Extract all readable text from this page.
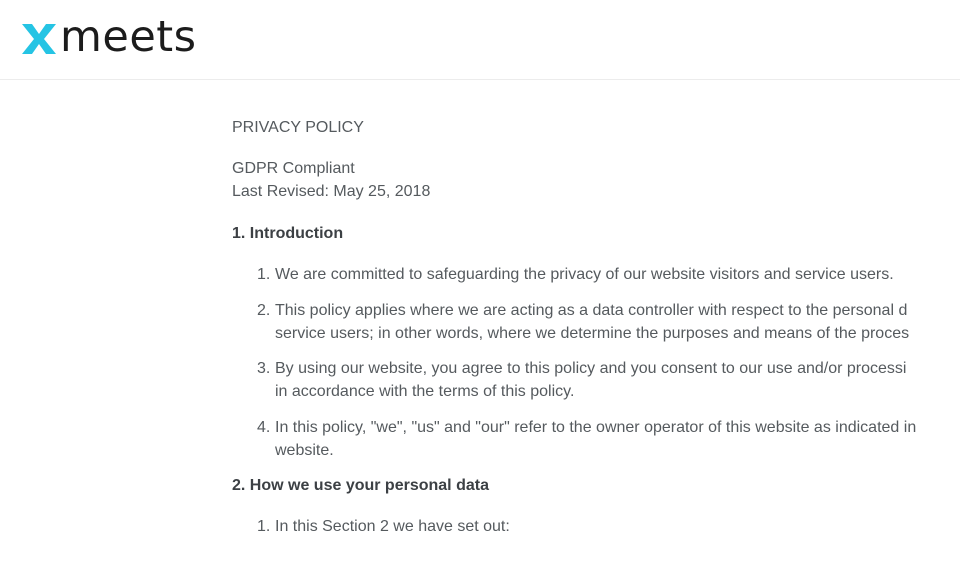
meets
PRIVACY POLICY
GDPR Compliant
Last Revised: May 25, 2018
1. Introduction
1. We are committed to safeguarding the privacy of our website visitors and service users.
2. This policy applies where we are acting as a data controller with respect to the personal d
service users; in other words, where we determine the purposes and means of the proces
3. By using our website, you agree to this policy and you consent to our use and/or processi
in accordance with the terms of this policy.
4. In this policy, "we", "us" and "our" refer to the owner operator of this website as indicated in
website.
2. How we use your personal data
1. In this Section 2 we have set out:
